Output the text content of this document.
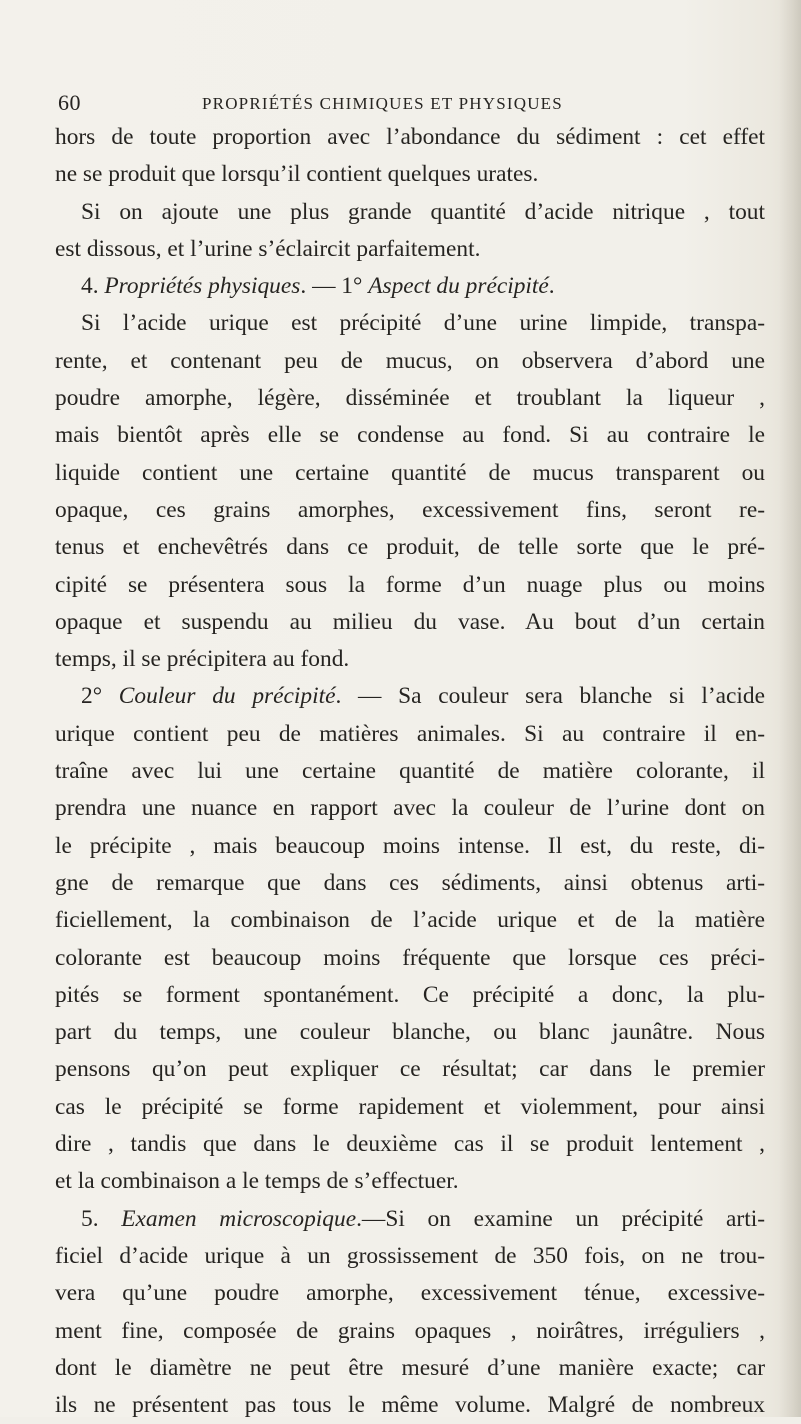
60	PROPRIÉTÉS CHIMIQUES ET PHYSIQUES
hors de toute proportion avec l’abondance du sédiment : cet effet
ne se produit que lorsqu’il contient quelques urates.
Si on ajoute une plus grande quantité d’acide nitrique , tout
est dissous, et l’urine s’éclaircit parfaitement.
4. Propriétés physiques. — 1° Aspect du précipité.
Si l’acide urique est précipité d’une urine limpide, transpa-
rente, et contenant peu de mucus, on observera d’abord une
poudre amorphe, légère, disséminée et troublant la liqueur ,
mais bientôt après elle se condense au fond. Si au contraire le
liquide contient une certaine quantité de mucus transparent ou
opaque, ces grains amorphes, excessivement fins, seront re-
tenus et enchevêtrés dans ce produit, de telle sorte que le pré-
cipité se présentera sous la forme d’un nuage plus ou moins
opaque et suspendu au milieu du vase. Au bout d’un certain
temps, il se précipitera au fond.
2° Couleur du précipité. — Sa couleur sera blanche si l’acide
urique contient peu de matières animales. Si au contraire il en-
traîne avec lui une certaine quantité de matière colorante, il
prendra une nuance en rapport avec la couleur de l’urine dont on
le précipite , mais beaucoup moins intense. Il est, du reste, di-
gne de remarque que dans ces sédiments, ainsi obtenus arti-
ficiellement, la combinaison de l’acide urique et de la matière
colorante est beaucoup moins fréquente que lorsque ces préci-
pités se forment spontanément. Ce précipité a donc, la plu-
part du temps, une couleur blanche, ou blanc jaunâtre. Nous
pensons qu’on peut expliquer ce résultat; car dans le premier
cas le précipité se forme rapidement et violemment, pour ainsi
dire , tandis que dans le deuxième cas il se produit lentement ,
et la combinaison a le temps de s’effectuer.
5. Examen microscopique.—Si on examine un précipité arti-
ficiel d’acide urique à un grossissement de 350 fois, on ne trou-
vera qu’une poudre amorphe, excessivement ténue, excessive-
ment fine, composée de grains opaques , noirâtres, irréguliers ,
dont le diamètre ne peut être mesuré d’une manière exacte; car
ils ne présentent pas tous le même volume. Malgré de nombreux
